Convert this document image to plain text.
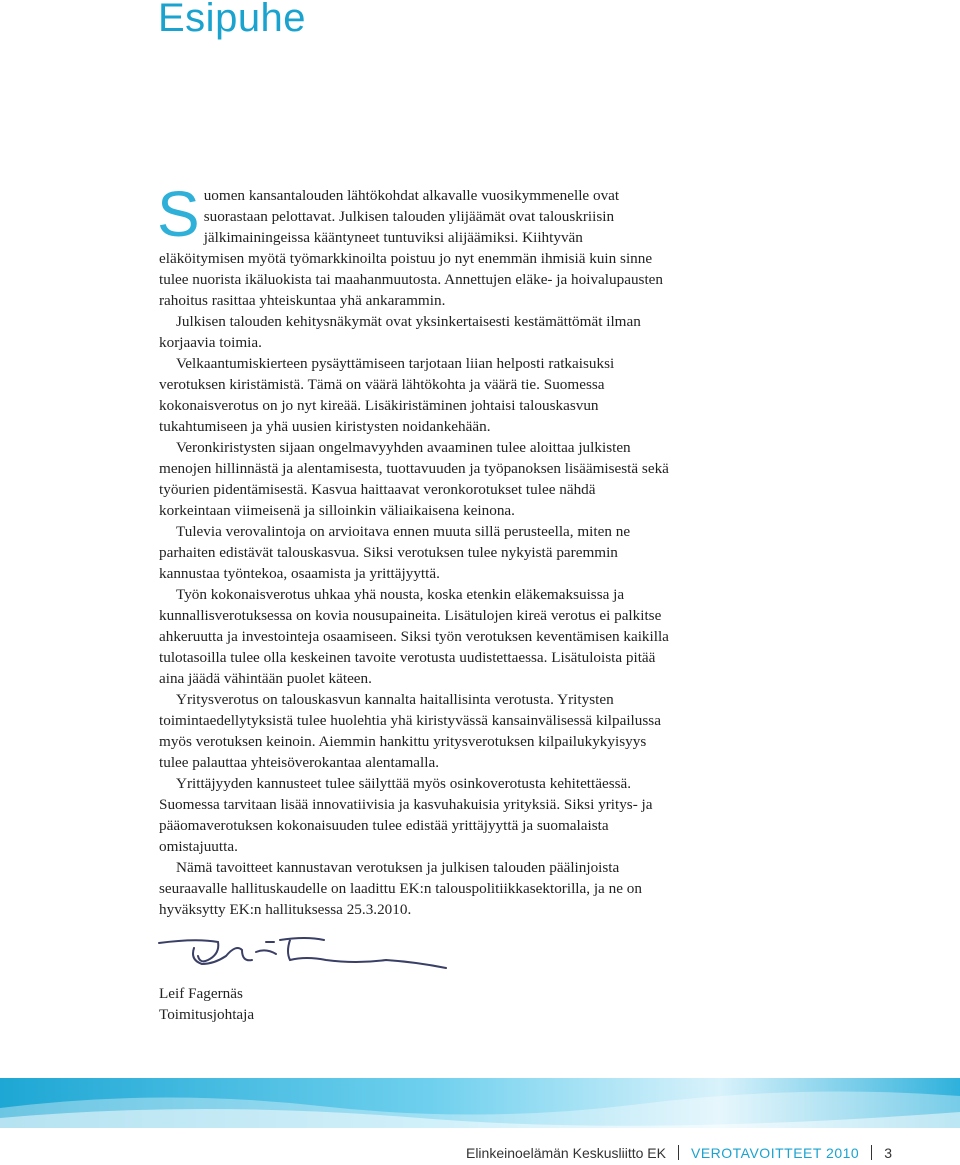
Esipuhe

Suomen kansantalouden lähtökohdat alkavalle vuosikymmenelle ovat suorastaan pelottavat. Julkisen talouden ylijäämät ovat talouskriisin jälkimainingeissa kääntyneet tuntuviksi alijäämiksi. Kiihtyvän eläköitymisen myötä työmarkkinoilta poistuu jo nyt enemmän ihmisiä kuin sinne tulee nuorista ikäluokista tai maahanmuutosta. Annettujen eläke- ja hoivalupausten rahoitus rasittaa yhteiskuntaa yhä ankarammin.

Julkisen talouden kehitysnäkymät ovat yksinkertaisesti kestämättömät ilman korjaavia toimia.

Velkaantumiskierteen pysäyttämiseen tarjotaan liian helposti ratkaisuksi verotuksen kiristämistä. Tämä on väärä lähtökohta ja väärä tie. Suomessa kokonaisverotus on jo nyt kireää. Lisäkiristäminen johtaisi talouskasvun tukahtumiseen ja yhä uusien kiristysten noidankehään.

Veronkiristysten sijaan ongelmavyyhden avaaminen tulee aloittaa julkisten menojen hillinnästä ja alentamisesta, tuottavuuden ja työpanoksen lisäämisestä sekä työurien pidentämisestä. Kasvua haittaavat veronkorotukset tulee nähdä korkeintaan viimeisenä ja silloinkin väliaikaisena keinona.

Tulevia verovalintoja on arvioitava ennen muuta sillä perusteella, miten ne parhaiten edistävät talouskasvua. Siksi verotuksen tulee nykyistä paremmin kannustaa työntekoa, osaamista ja yrittäjyyttä.

Työn kokonaisverotus uhkaa yhä nousta, koska etenkin eläkemaksuissa ja kunnallisverotuksessa on kovia nousupaineita. Lisätulojen kireä verotus ei palkitse ahkeruutta ja investointeja osaamiseen. Siksi työn verotuksen keventämisen kaikilla tulotasoilla tulee olla keskeinen tavoite verotusta uudistettaessa. Lisätuloista pitää aina jäädä vähintään puolet käteen.

Yritysverotus on talouskasvun kannalta haitallisinta verotusta. Yritysten toimintaedellytyksistä tulee huolehtia yhä kiristyvässä kansainvälisessä kilpailussa myös verotuksen keinoin. Aiemmin hankittu yritysverotuksen kilpailukykyisyys tulee palauttaa yhteisöverokantaa alentamalla.

Yrittäjyyden kannusteet tulee säilyttää myös osinkoverotusta kehitettäessä. Suomessa tarvitaan lisää innovatiivisia ja kasvuhakuisia yrityksiä. Siksi yritys- ja pääomaverotuksen kokonaisuuden tulee edistää yrittäjyyttä ja suomalaista omistajuutta.

Nämä tavoitteet kannustavan verotuksen ja julkisen talouden päälinjoista seuraavalle hallituskaudelle on laadittu EK:n talouspolitiikkasektorilla, ja ne on hyväksytty EK:n hallituksessa 25.3.2010.

Leif Fagernäs
Toimitusjohtaja
Elinkeinoelämän Keskusliitto EK VEROTAVOITTEET 2010 3
